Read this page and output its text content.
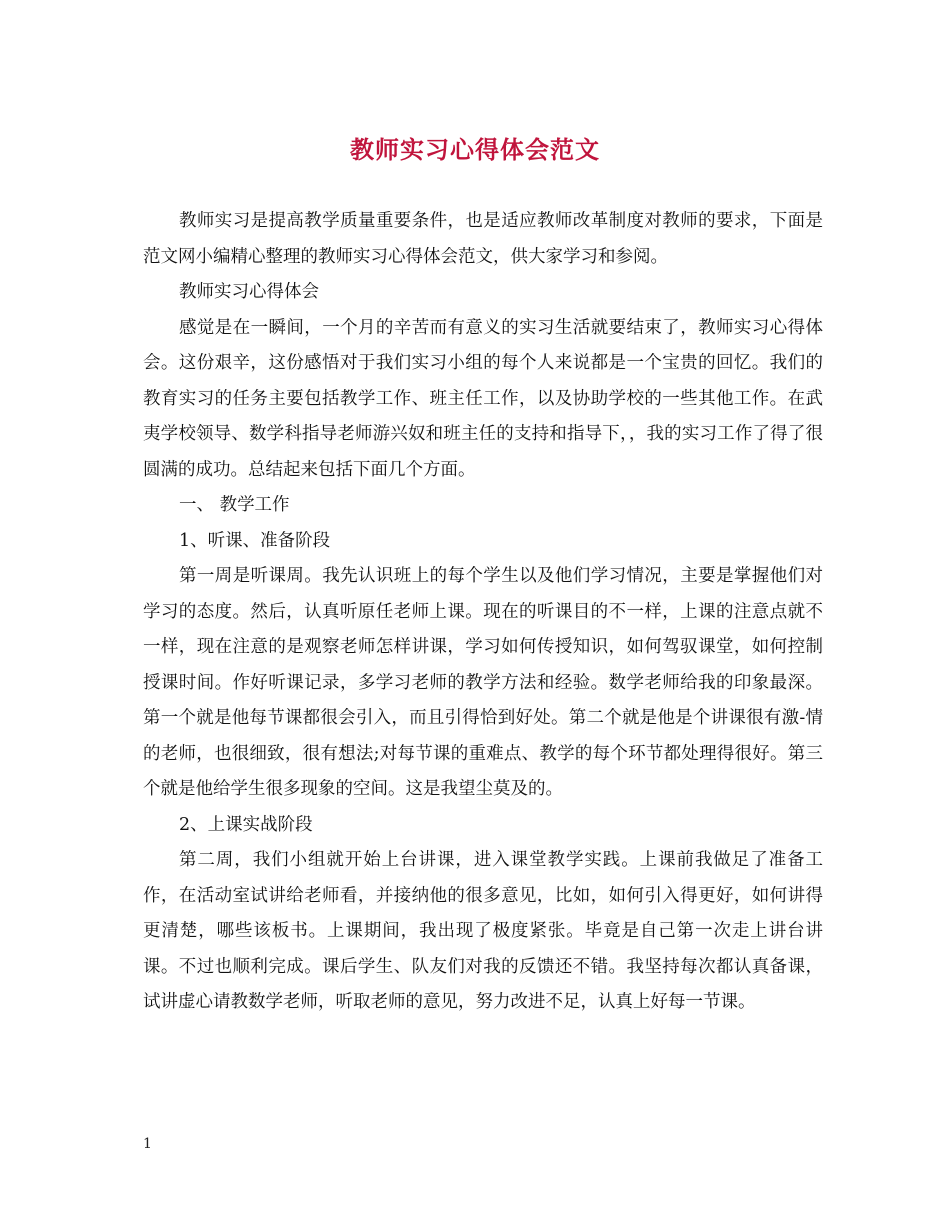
教师实习心得体会范文

教师实习是提高教学质量重要条件，也是适应教师改革制度对教师的要求，下面是范文网小编精心整理的教师实习心得体会范文，供大家学习和参阅。

教师实习心得体会

感觉是在一瞬间，一个月的辛苦而有意义的实习生活就要结束了，教师实习心得体会。这份艰辛，这份感悟对于我们实习小组的每个人来说都是一个宝贵的回忆。我们的教育实习的任务主要包括教学工作、班主任工作，以及协助学校的一些其他工作。在武夷学校领导、数学科指导老师游兴奴和班主任的支持和指导下，，我的实习工作了得了很圆满的成功。总结起来包括下面几个方面。

一、 教学工作

1、听课、准备阶段

第一周是听课周。我先认识班上的每个学生以及他们学习情况，主要是掌握他们对学习的态度。然后，认真听原任老师上课。现在的听课目的不一样，上课的注意点就不一样，现在注意的是观察老师怎样讲课，学习如何传授知识，如何驾驭课堂，如何控制授课时间。作好听课记录，多学习老师的教学方法和经验。数学老师给我的印象最深。第一个就是他每节课都很会引入，而且引得恰到好处。第二个就是他是个讲课很有激-情的老师，也很细致，很有想法;对每节课的重难点、教学的每个环节都处理得很好。第三个就是他给学生很多现象的空间。这是我望尘莫及的。

2、上课实战阶段

第二周，我们小组就开始上台讲课，进入课堂教学实践。上课前我做足了准备工作，在活动室试讲给老师看，并接纳他的很多意见，比如，如何引入得更好，如何讲得更清楚，哪些该板书。上课期间，我出现了极度紧张。毕竟是自己第一次走上讲台讲课。不过也顺利完成。课后学生、队友们对我的反馈还不错。我坚持每次都认真备课，试讲虚心请教数学老师，听取老师的意见，努力改进不足，认真上好每一节课。

1
